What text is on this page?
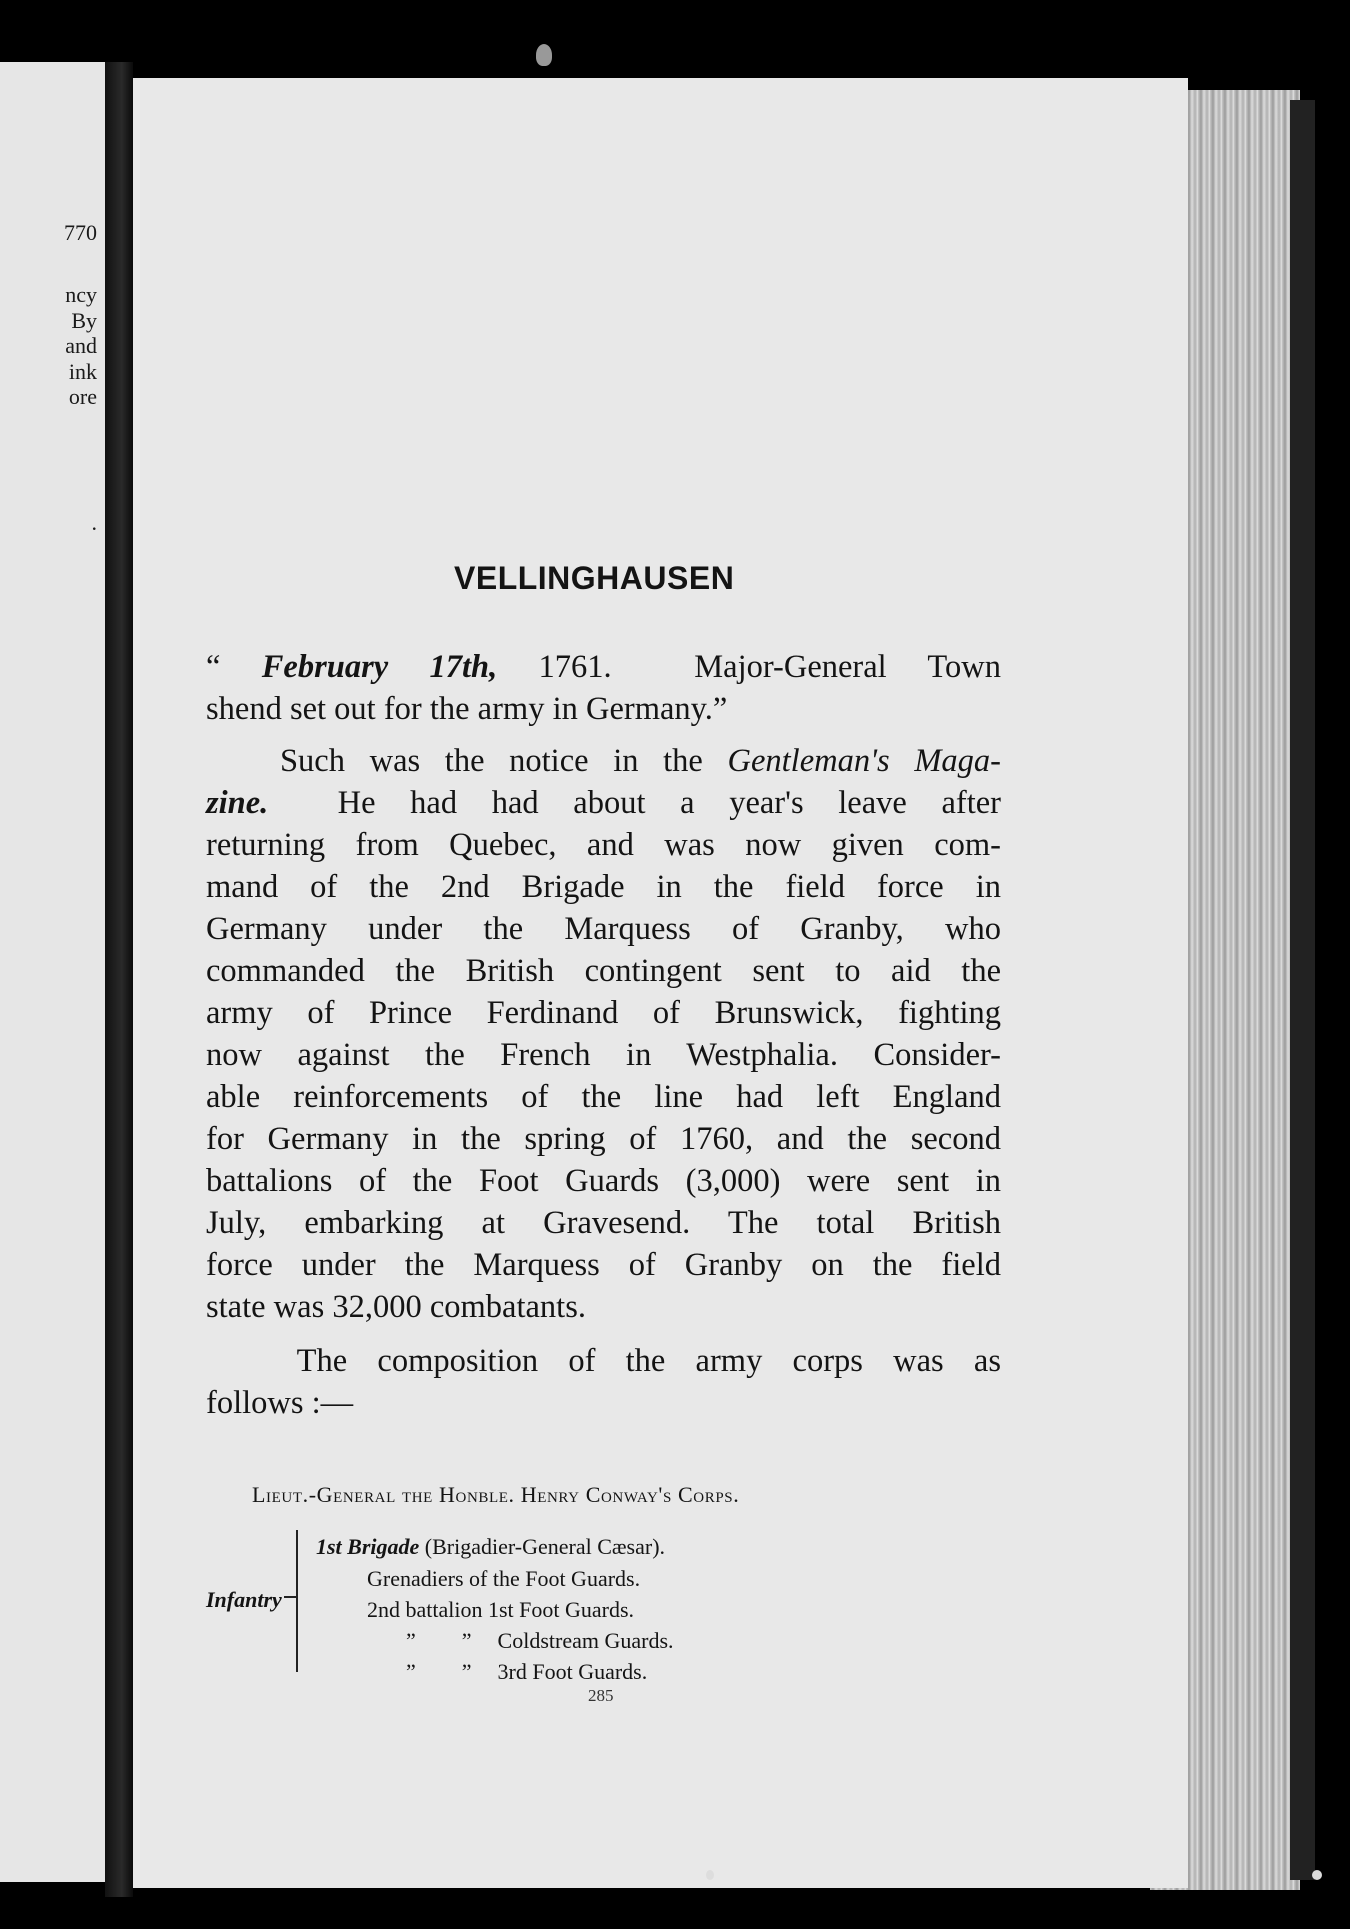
770
ncy
By
and
ink
ore
.
VELLINGHAUSEN
“ February 17th, 1761.  Major-General Town
shend set out for the army in Germany.”
Such was the notice in the Gentleman's Maga-
zine.  He had had about a year's leave after
returning from Quebec, and was now given com-
mand of the 2nd Brigade in the field force in
Germany under the Marquess of Granby, who
commanded the British contingent sent to aid the
army of Prince Ferdinand of Brunswick, fighting
now against the French in Westphalia. Consider-
able reinforcements of the line had left England
for Germany in the spring of 1760, and the second
battalions of the Foot Guards (3,000) were sent in
July, embarking at Gravesend. The total British
force under the Marquess of Granby on the field
state was 32,000 combatants.
The composition of the army corps was as
follows :—
Lieut.-General the Honble. Henry Conway's Corps.
Infantry
1st Brigade (Brigadier-General Cæsar).
Grenadiers of the Foot Guards.
2nd battalion 1st Foot Guards.
” ” Coldstream Guards.
” ” 3rd Foot Guards.
285
